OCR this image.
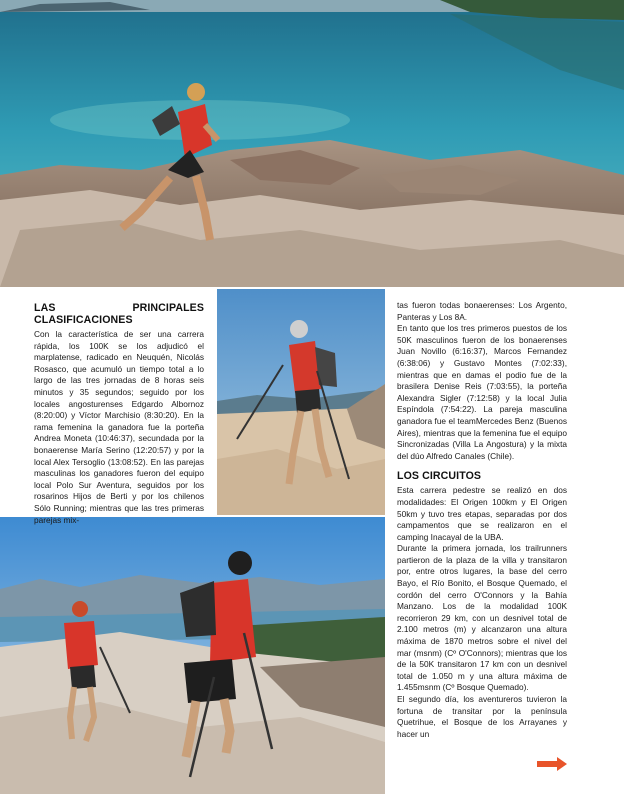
LAS PRINCIPALES CLASIFICACIONES

Con la característica de ser una carrera rápida, los 100K se los adjudicó el marplatense, radicado en Neuquén, Nicolás Rosasco, que acumuló un tiempo total a lo largo de las tres jornadas de 8 horas seis minutos y 35 segundos; seguido por los locales angosturenses Edgardo Albornoz (8:20:00) y Víctor Marchisio (8:30:20). En la rama femenina la ganadora fue la porteña Andrea Moneta (10:46:37), secundada por la bonaerense María Serino (12:20:57) y por la local Alex Tersoglio (13:08:52). En las parejas masculinas los ganadores fueron del equipo local Polo Sur Aventura, seguidos por los rosarinos Hijos de Berti y por los chilenos Sólo Running; mientras que las tres primeras parejas mix-

tas fueron todas bonaerenses: Los Argento, Panteras y Los 8A.

En tanto que los tres primeros puestos de los 50K masculinos fueron de los bonaerenses Juan Novillo (6:16:37), Marcos Fernandez (6:38:06) y Gustavo Montes (7:02:33), mientras que en damas el podio fue de la brasilera Denise Reis (7:03:55), la porteña Alexandra Sigler (7:12:58) y la local Julia Espíndola (7:54:22). La pareja masculina ganadora fue el teamMercedes Benz (Buenos Aires), mientras que la femenina fue el equipo Sincronizadas (Villa La Angostura) y la mixta del dúo Alfredo Canales (Chile).

LOS CIRCUITOS

Esta carrera pedestre se realizó en dos modalidades: El Origen 100km y El Origen 50km y tuvo tres etapas, separadas por dos campamentos que se realizaron en el camping Inacayal de la UBA.

Durante la primera jornada, los trailrunners partieron de la plaza de la villa y transitaron por, entre otros lugares, la base del cerro Bayo, el Río Bonito, el Bosque Quemado, el cordón del cerro O'Connors y la Bahía Manzano. Los de la modalidad 100K recorrieron 29 km, con un desnivel total de 2.100 metros (m) y alcanzaron una altura máxima de 1870 metros sobre el nivel del mar (msnm) (Cº O'Connors); mientras que los de la 50K transitaron 17 km con un desnivel total de 1.050 m y una altura máxima de 1.455msnm (Cº Bosque Quemado).

El segundo día, los aventureros tuvieron la fortuna de transitar por la península Quetrihue, el Bosque de los Arrayanes y hacer un
